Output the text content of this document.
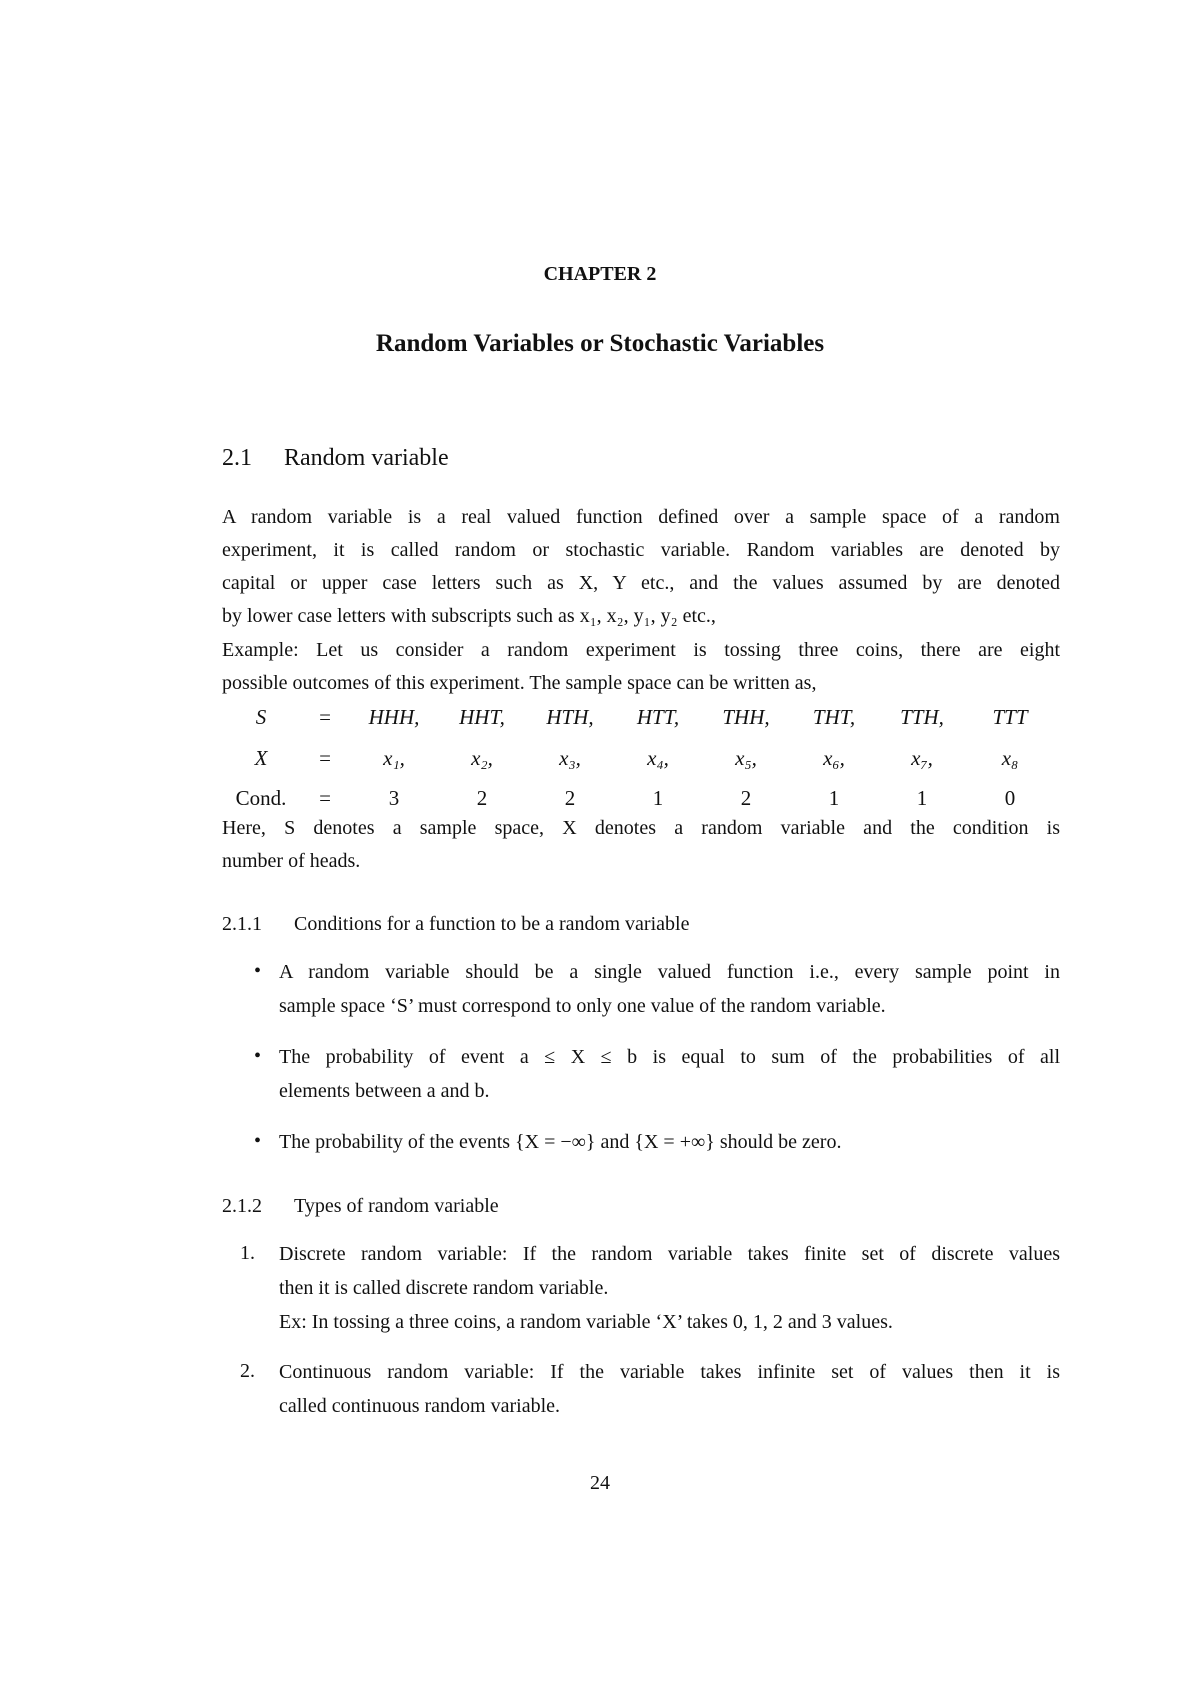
CHAPTER 2
Random Variables or Stochastic Variables
2.1 Random variable
A random variable is a real valued function defined over a sample space of a random
experiment, it is called random or stochastic variable. Random variables are denoted by
capital or upper case letters such as X, Y etc., and the values assumed by are denoted
by lower case letters with subscripts such as x₁, x₂, y₁, y₂ etc.,
Example: Let us consider a random experiment is tossing three coins, there are eight
possible outcomes of this experiment. The sample space can be written as,
S	=	HHH,	HHT,	HTH,	HTT,	THH,	THT,	TTH,	TTT
X	=	x₁,	x₂,	x₃,	x₄,	x₅,	x₆,	x₇,	x₈
Cond.	=	3	2	2	1	2	1	1	0
Here, S denotes a sample space, X denotes a random variable and the condition is
number of heads.
2.1.1 Conditions for a function to be a random variable
• A random variable should be a single valued function i.e., every sample point in
sample space ‘S’ must correspond to only one value of the random variable.
• The probability of event a ≤ X ≤ b is equal to sum of the probabilities of all
elements between a and b.
• The probability of the events {X = −∞} and {X = +∞} should be zero.
2.1.2 Types of random variable
1. Discrete random variable: If the random variable takes finite set of discrete values
then it is called discrete random variable.
Ex: In tossing a three coins, a random variable ‘X’ takes 0, 1, 2 and 3 values.
2. Continuous random variable: If the variable takes infinite set of values then it is
called continuous random variable.
24
